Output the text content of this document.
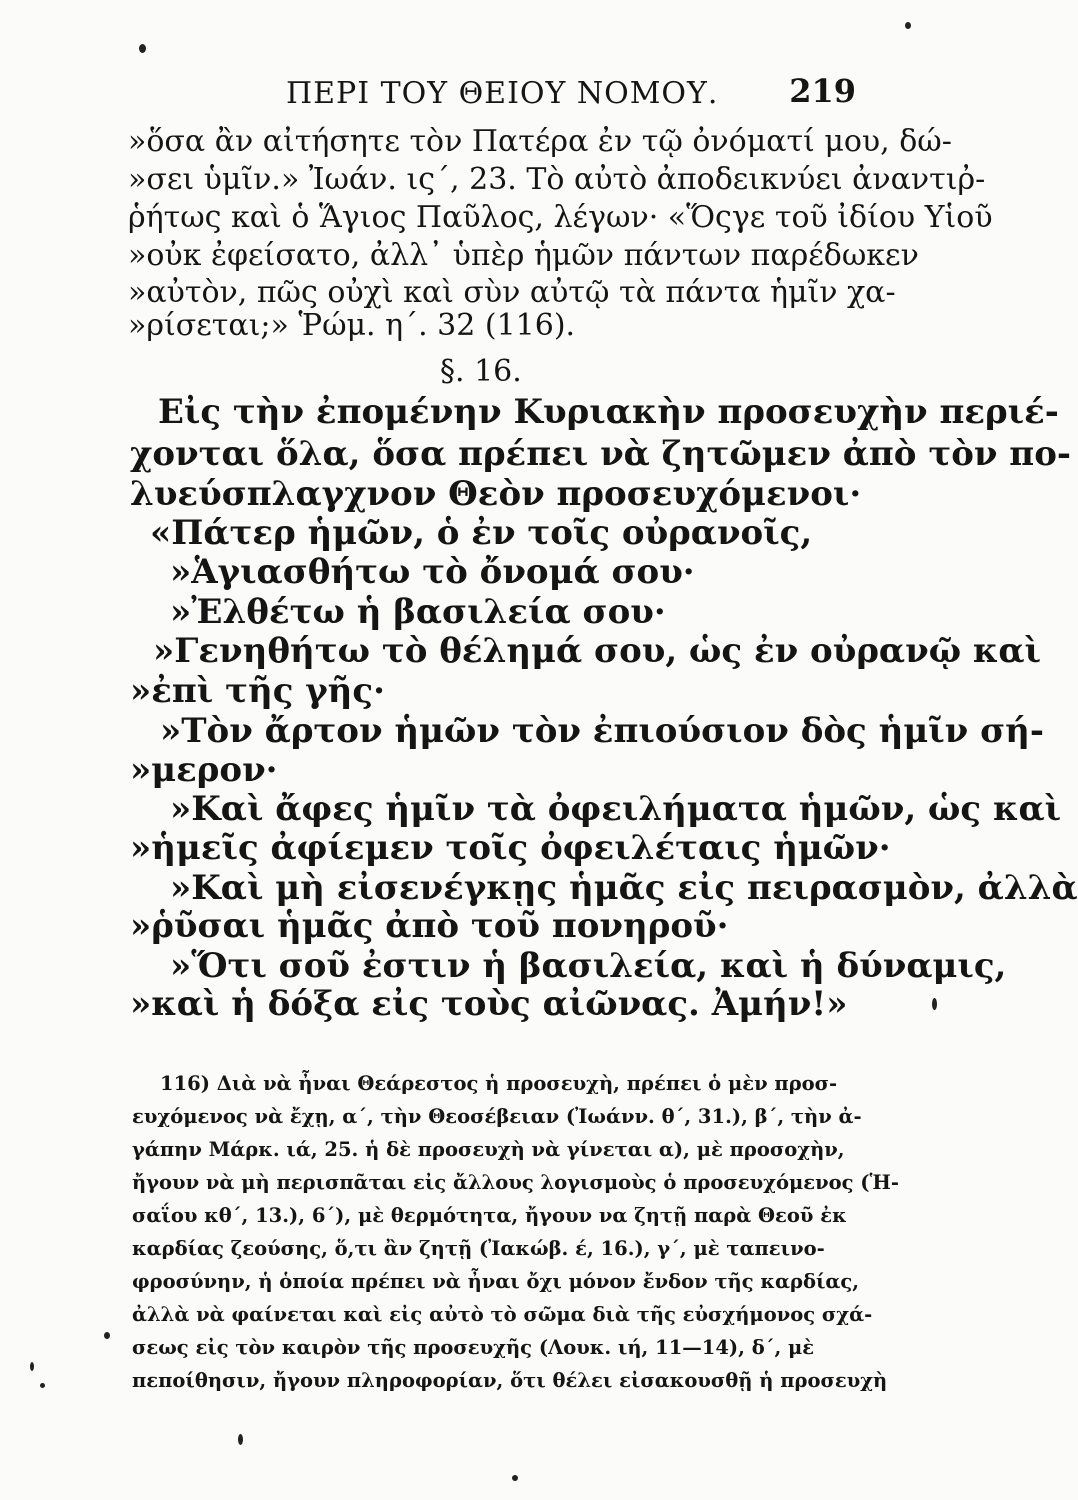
ΠΕΡΙ ΤΟΥ ΘΕΙΟΥ ΝΟΜΟΥ. 219
»ὅσα ἂν αἰτήσητε τὸν Πατέρα ἐν τῷ ὀνόματί μου, δώ-
»σει ὑμῖν.» Ἰωάν. ις΄, 23. Τὸ αὐτὸ ἀποδεικνύει ἀναντιῤ-
ῥήτως καὶ ὁ Ἅγιος Παῦλος, λέγων· «Ὅςγε τοῦ ἰδίου Υἱοῦ
»οὐκ ἐφείσατο, ἀλλ᾽ ὑπὲρ ἡμῶν πάντων παρέδωκεν
»αὐτὸν, πῶς οὐχὶ καὶ σὺν αὐτῷ τὰ πάντα ἡμῖν χα-
»ρίσεται;» Ῥώμ. η΄. 32 (116).
§. 16.
Εἰς τὴν ἐπομένην Κυριακὴν προσευχὴν περιέ-
χονται ὅλα, ὅσα πρέπει νὰ ζητῶμεν ἀπὸ τὸν πο-
λυεύσπλαγχνον Θεὸν προσευχόμενοι·
«Πάτερ ἡμῶν, ὁ ἐν τοῖς οὐρανοῖς,
»Ἁγιασθήτω τὸ ὄνομά σου·
»Ἐλθέτω ἡ βασιλεία σου·
»Γενηθήτω τὸ θέλημά σου, ὡς ἐν οὐρανῷ καὶ
»ἐπὶ τῆς γῆς·
»Τὸν ἄρτον ἡμῶν τὸν ἐπιούσιον δὸς ἡμῖν σή-
»μερον·
»Καὶ ἄφες ἡμῖν τὰ ὀφειλήματα ἡμῶν, ὡς καὶ
»ἡμεῖς ἀφίεμεν τοῖς ὀφειλέταις ἡμῶν·
»Καὶ μὴ εἰσενέγκῃς ἡμᾶς εἰς πειρασμὸν, ἀλλὰ
»ῥῦσαι ἡμᾶς ἀπὸ τοῦ πονηροῦ·
»Ὅτι σοῦ ἐστιν ἡ βασιλεία, καὶ ἡ δύναμις,
»καὶ ἡ δόξα εἰς τοὺς αἰῶνας. Ἀμήν!»
116) Διὰ νὰ ἦναι Θεάρεστος ἡ προσευχὴ, πρέπει ὁ μὲν προσ-
ευχόμενος νὰ ἔχῃ, α΄, τὴν Θεοσέβειαν (Ἰωάνν. θ΄, 31.), β΄, τὴν ἀ-
γάπην Μάρκ. ιά, 25. ἡ δὲ προσευχὴ νὰ γίνεται α), μὲ προσοχὴν,
ἤγουν νὰ μὴ περισπᾶται εἰς ἄλλους λογισμοὺς ὁ προσευχόμενος (Ἡ-
σαΐου κθ΄, 13.), 6΄), μὲ θερμότητα, ἤγουν να ζητῇ παρὰ Θεοῦ ἐκ
καρδίας ζεούσης, ὅ,τι ἂν ζητῇ (Ἰακώβ. έ, 16.), γ΄, μὲ ταπεινο-
φροσύνην, ἡ ὁποία πρέπει νὰ ἦναι ὄχι μόνον ἔνδον τῆς καρδίας,
ἀλλὰ νὰ φαίνεται καὶ εἰς αὐτὸ τὸ σῶμα διὰ τῆς εὐσχήμονος σχά-
σεως εἰς τὸν καιρὸν τῆς προσευχῆς (Λουκ. ιή, 11—14), δ΄, μὲ
πεποίθησιν, ἤγουν πληροφορίαν, ὅτι θέλει εἰσακουσθῇ ἡ προσευχὴ
